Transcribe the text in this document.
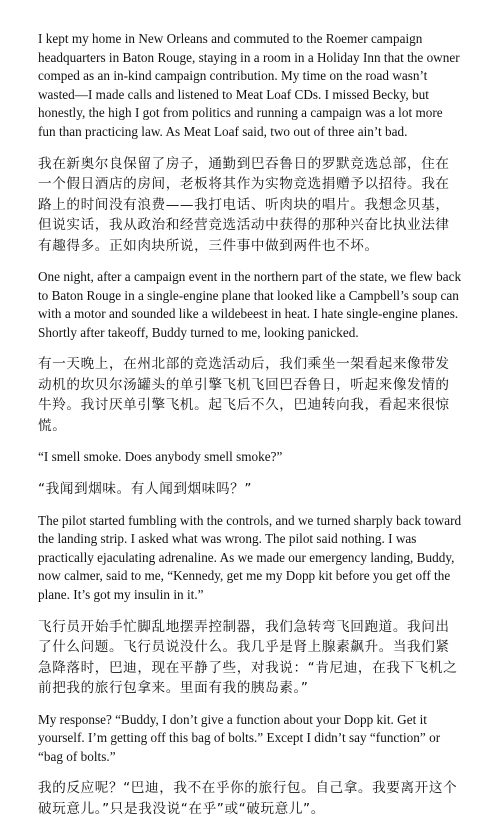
I kept my home in New Orleans and commuted to the Roemer campaign headquarters in Baton Rouge, staying in a room in a Holiday Inn that the owner comped as an in-kind campaign contribution. My time on the road wasn’t wasted—I made calls and listened to Meat Loaf CDs. I missed Becky, but honestly, the high I got from politics and running a campaign was a lot more fun than practicing law. As Meat Loaf said, two out of three ain’t bad.

我在新奥尔良保留了房子，通勤到巴吞鲁日的罗默竞选总部，住在一个假日酒店的房间，老板将其作为实物竞选捐赠予以招待。我在路上的时间没有浪费——我打电话、听肉块的唱片。我想念贝基，但说实话，我从政治和经营竞选活动中获得的那种兴奋比执业法律有趣得多。正如肉块所说，三件事中做到两件也不坏。

One night, after a campaign event in the northern part of the state, we flew back to Baton Rouge in a single-engine plane that looked like a Campbell’s soup can with a motor and sounded like a wildebeest in heat. I hate single-engine planes. Shortly after takeoff, Buddy turned to me, looking panicked.

有一天晚上，在州北部的竞选活动后，我们乘坐一架看起来像带发动机的坎贝尔汤罐头的单引擎飞机飞回巴吞鲁日，听起来像发情的牛羚。我讨厌单引擎飞机。起飞后不久，巴迪转向我，看起来很惊慌。

“I smell smoke. Does anybody smell smoke?”

“我闻到烟味。有人闻到烟味吗？”

The pilot started fumbling with the controls, and we turned sharply back toward the landing strip. I asked what was wrong. The pilot said nothing. I was practically ejaculating adrenaline. As we made our emergency landing, Buddy, now calmer, said to me, “Kennedy, get me my Dopp kit before you get off the plane. It’s got my insulin in it.”

飞行员开始手忙脚乱地摆弄控制器，我们急转弯飞回跑道。我问出了什么问题。飞行员说没什么。我几乎是肾上腺素飙升。当我们紧急降落时，巴迪，现在平静了些，对我说：“肯尼迪，在我下飞机之前把我的旅行包拿来。里面有我的胰岛素。”

My response? “Buddy, I don’t give a function about your Dopp kit. Get it yourself. I’m getting off this bag of bolts.” Except I didn’t say “function” or “bag of bolts.”

我的反应呢？“巴迪，我不在乎你的旅行包。自己拿。我要离开这个破玩意儿。”只是我没说“在乎”或“破玩意儿”。
